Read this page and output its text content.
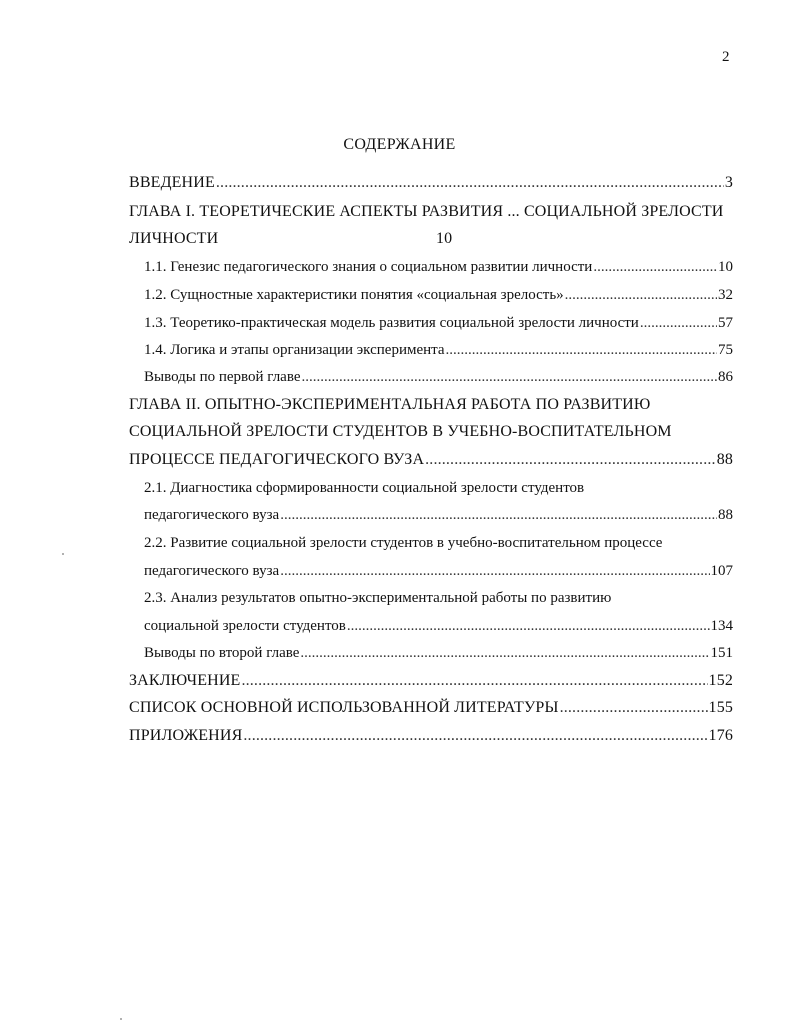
2
СОДЕРЖАНИЕ
ВВЕДЕНИЕ .....	3
ГЛАВА I. ТЕОРЕТИЧЕСКИЕ АСПЕКТЫ РАЗВИТИЯ ... СОЦИАЛЬНОЙ ЗРЕЛОСТИ
ЛИЧНОСТИ	10
1.1. Генезис педагогического знания о социальном развитии личности .....	10
1.2. Сущностные характеристики понятия «социальная зрелость» .....	32
1.3. Теоретико-практическая модель развития социальной зрелости личности .....	57
1.4. Логика и этапы организации эксперимента .....	75
Выводы по первой главе .....	86
ГЛАВА II. ОПЫТНО-ЭКСПЕРИМЕНТАЛЬНАЯ РАБОТА ПО РАЗВИТИЮ
СОЦИАЛЬНОЙ ЗРЕЛОСТИ СТУДЕНТОВ В УЧЕБНО-ВОСПИТАТЕЛЬНОМ
ПРОЦЕССЕ ПЕДАГОГИЧЕСКОГО ВУЗА .....	88
2.1. Диагностика сформированности социальной зрелости студентов
педагогического вуза .....	88
2.2. Развитие социальной зрелости студентов в учебно-воспитательном процессе
педагогического вуза .....	107
2.3. Анализ результатов опытно-экспериментальной работы по развитию
социальной зрелости студентов .....	134
Выводы по второй главе .....	151
ЗАКЛЮЧЕНИЕ .....	152
СПИСОК ОСНОВНОЙ ИСПОЛЬЗОВАННОЙ ЛИТЕРАТУРЫ .....	155
ПРИЛОЖЕНИЯ .....	176
